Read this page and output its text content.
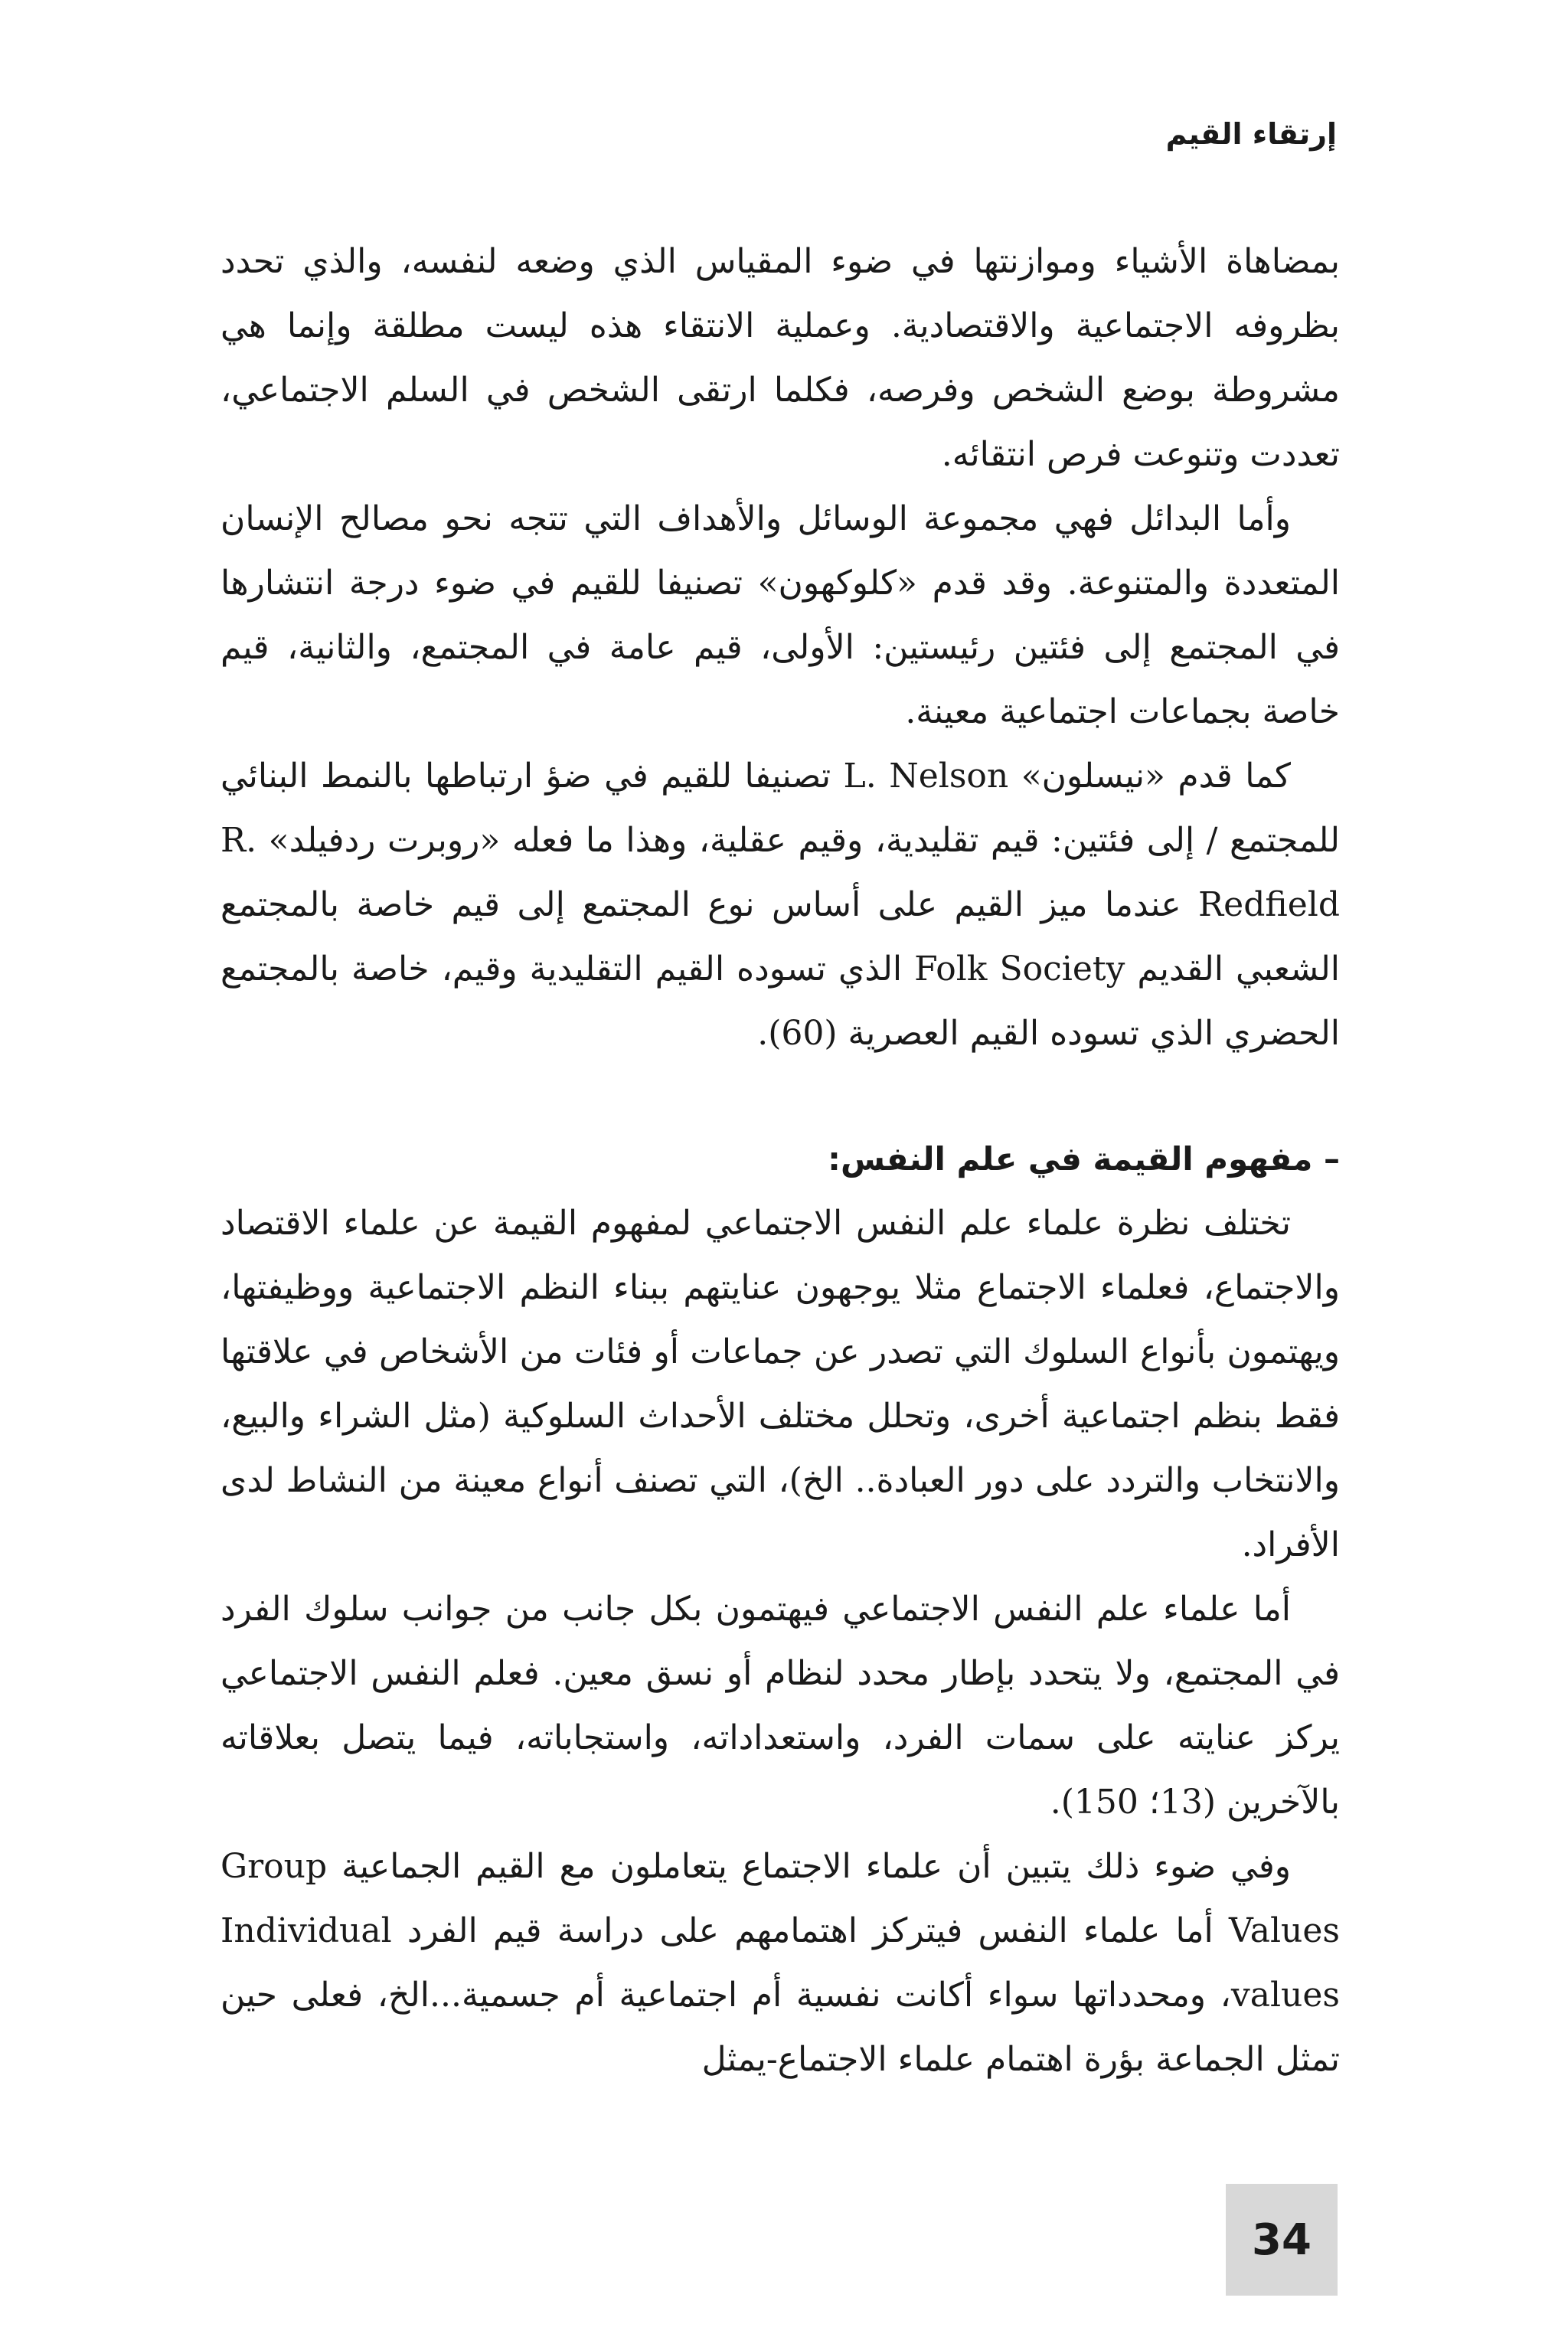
إرتقاء القيم

بمضاهاة الأشياء وموازنتها في ضوء المقياس الذي وضعه لنفسه، والذي تحدد بظروفه الاجتماعية والاقتصادية. وعملية الانتقاء هذه ليست مطلقة وإنما هي مشروطة بوضع الشخص وفرصه، فكلما ارتقى الشخص في السلم الاجتماعي، تعددت وتنوعت فرص انتقائه.

وأما البدائل فهي مجموعة الوسائل والأهداف التي تتجه نحو مصالح الإنسان المتعددة والمتنوعة. وقد قدم «كلوكهون» تصنيفا للقيم في ضوء درجة انتشارها في المجتمع إلى فئتين رئيستين: الأولى، قيم عامة في المجتمع، والثانية، قيم خاصة بجماعات اجتماعية معينة.

كما قدم «نيسلون» L. Nelson تصنيفا للقيم في ضؤ ارتباطها بالنمط البنائي للمجتمع / إلى فئتين: قيم تقليدية، وقيم عقلية، وهذا ما فعله «روبرت ردفيلد» R. Redfield عندما ميز القيم على أساس نوع المجتمع إلى قيم خاصة بالمجتمع الشعبي القديم Folk Society الذي تسوده القيم التقليدية وقيم، خاصة بالمجتمع الحضري الذي تسوده القيم العصرية (60).

– مفهوم القيمة في علم النفس:

تختلف نظرة علماء علم النفس الاجتماعي لمفهوم القيمة عن علماء الاقتصاد والاجتماع، فعلماء الاجتماع مثلا يوجهون عنايتهم ببناء النظم الاجتماعية ووظيفتها، ويهتمون بأنواع السلوك التي تصدر عن جماعات أو فئات من الأشخاص في علاقتها فقط بنظم اجتماعية أخرى، وتحلل مختلف الأحداث السلوكية (مثل الشراء والبيع، والانتخاب والتردد على دور العبادة.. الخ)، التي تصنف أنواع معينة من النشاط لدى الأفراد.

أما علماء علم النفس الاجتماعي فيهتمون بكل جانب من جوانب سلوك الفرد في المجتمع، ولا يتحدد بإطار محدد لنظام أو نسق معين. فعلم النفس الاجتماعي يركز عنايته على سمات الفرد، واستعداداته، واستجاباته، فيما يتصل بعلاقاته بالآخرين (13؛ 150).

وفي ضوء ذلك يتبين أن علماء الاجتماع يتعاملون مع القيم الجماعية Group Values أما علماء النفس فيتركز اهتمامهم على دراسة قيم الفرد Individual values، ومحدداتها سواء أكانت نفسية أم اجتماعية أم جسمية...الخ، فعلى حين تمثل الجماعة بؤرة اهتمام علماء الاجتماع-يمثل

34
